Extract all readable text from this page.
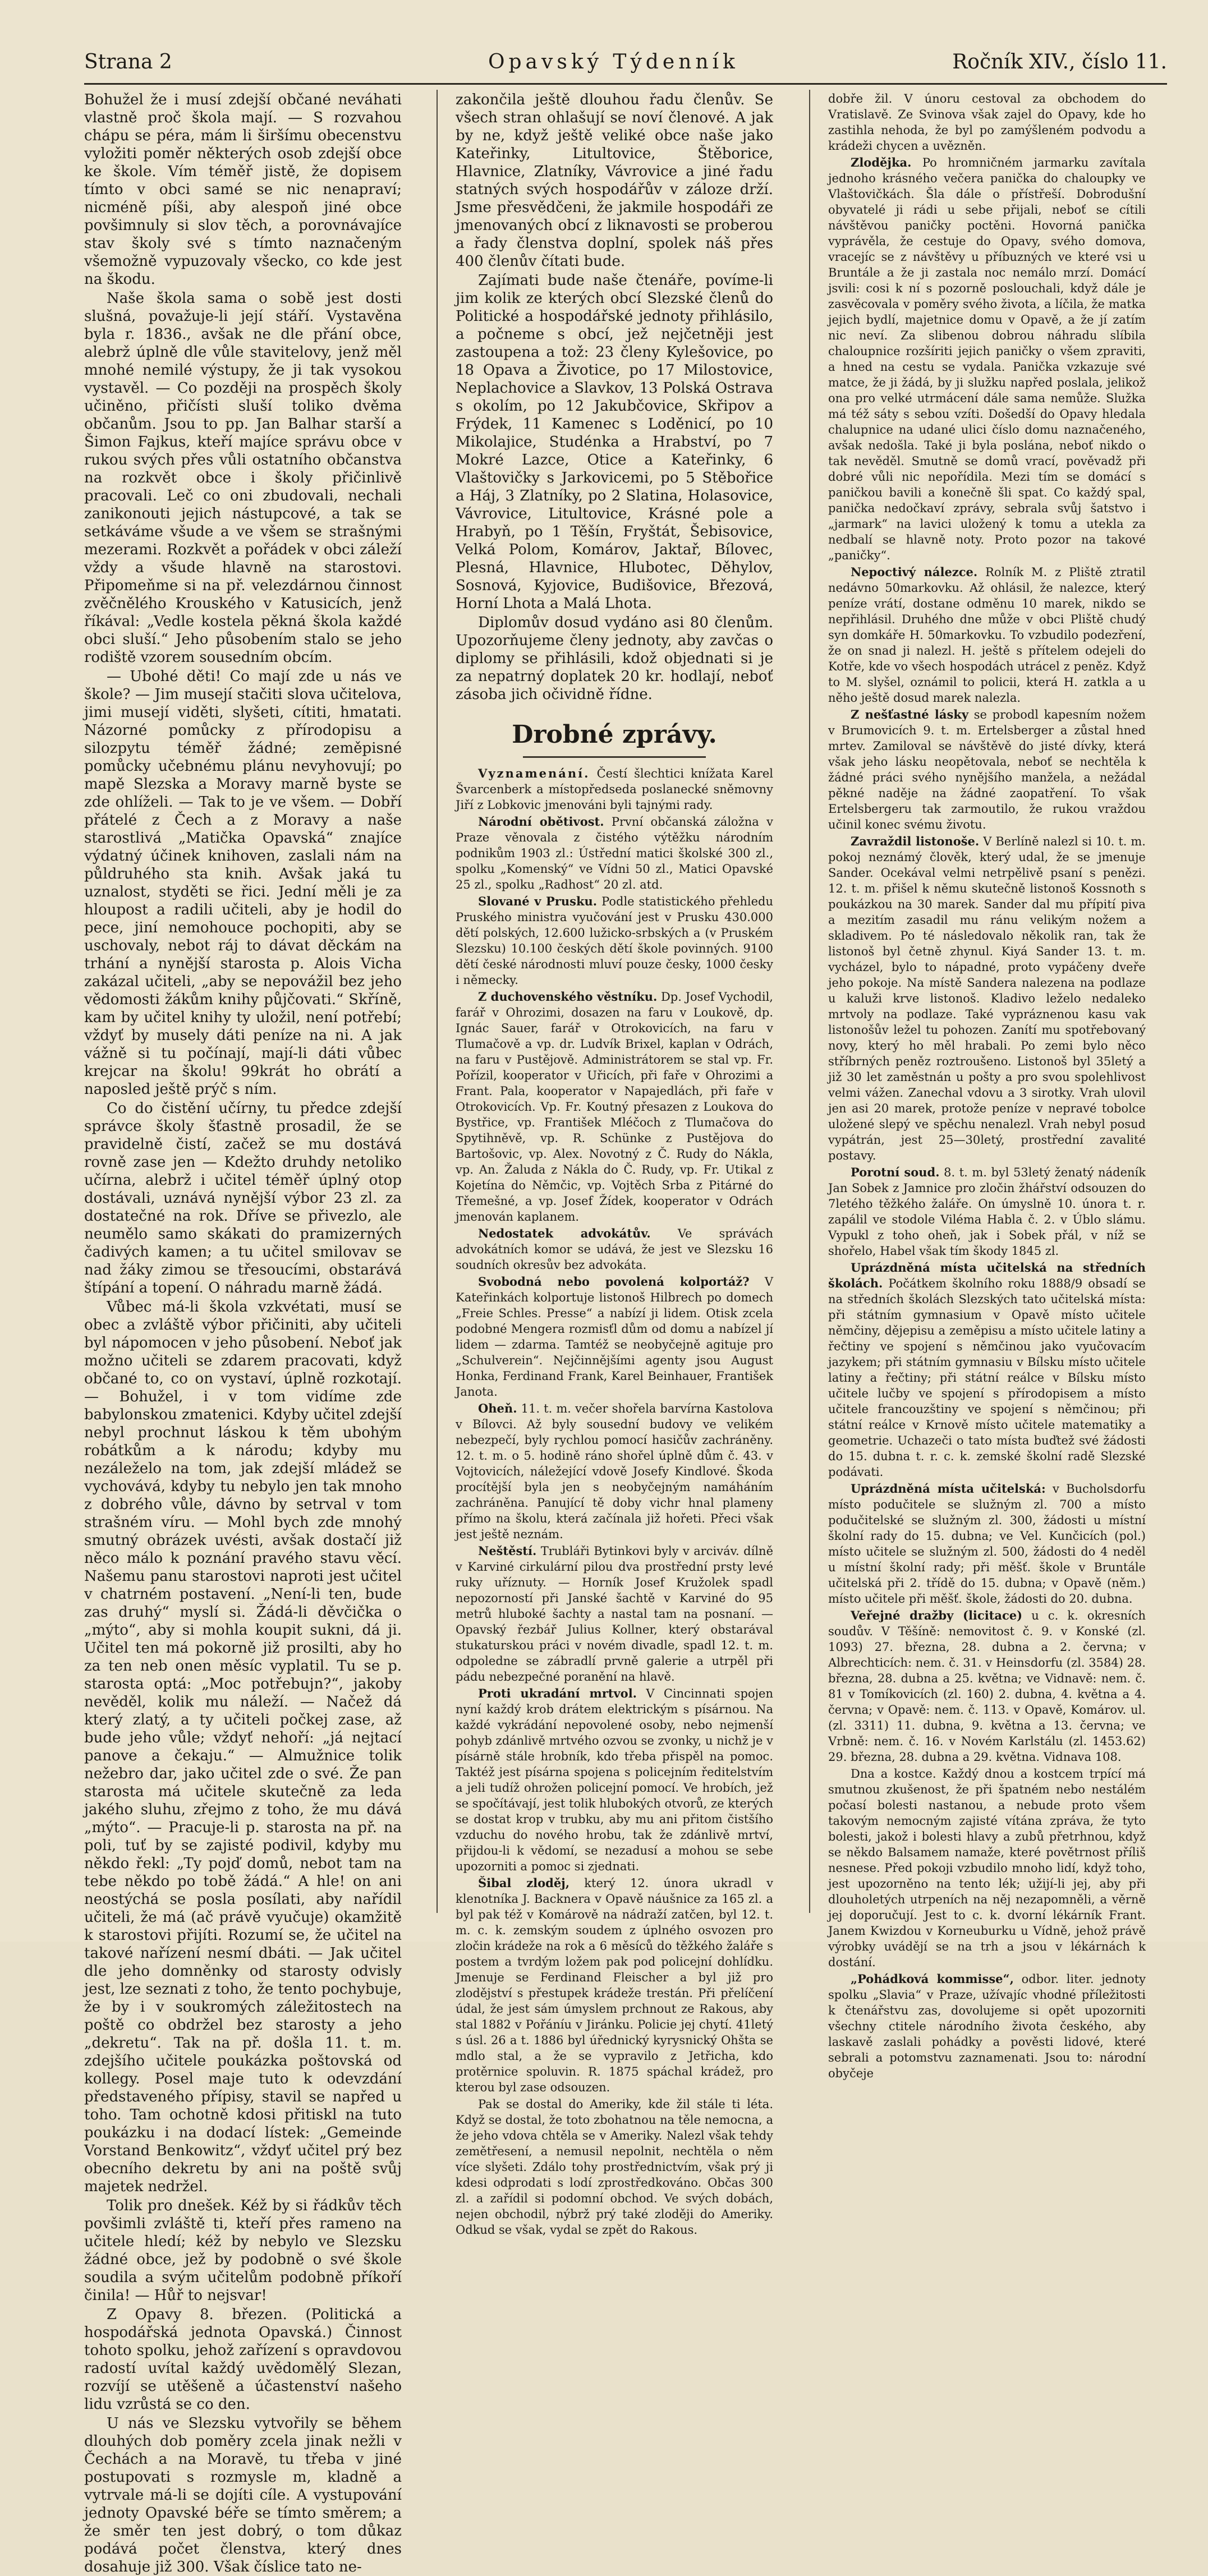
Strana 2	Opavský Týdenník	Ročník XIV., číslo 11.

Bohužel že i musí zdejší občané neváhati vlastně proč škola mají. — S rozvahou chápu se péra, mám li širšímu obecenstvu vyložiti poměr některých osob zdejší obce ke škole. Vím téměř jistě, že dopisem tímto v obci samé se nic nenapraví; nicméně píši, aby alespoň jiné obce povšimnuly si slov těch, a porovnávajíce stav školy své s tímto naznačeným všemožně vypuzovaly všecko, co kde jest na škodu.

Naše škola sama o sobě jest dosti slušná, považuje-li její stáří. Vystavěna byla r. 1836., avšak ne dle přání obce, alebrž úplně dle vůle stavitelovy, jenž měl mnohé nemilé výstupy, že ji tak vysokou vystavěl. — Co později na prospěch školy učiněno, přičísti sluší toliko dvěma občanům. Jsou to pp. Jan Balhar starší a Šimon Fajkus, kteří majíce správu obce v rukou svých přes vůli ostatního občanstva na rozkvět obce i školy přičinlivě pracovali. Leč co oni zbudovali, nechali zanikonouti jejich nástupcové, a tak se setkáváme všude a ve všem se strašnými mezerami. Rozkvět a pořádek v obci záleží vždy a všude hlavně na starostovi. Připomeňme si na př. velezdárnou činnost zvěčnělého Krouského v Katusicích, jenž říkával: „Vedle kostela pěkná škola každé obci sluší.“ Jeho působením stalo se jeho rodiště vzorem sousedním obcím.

— Ubohé děti! Co mají zde u nás ve škole? — Jim musejí stačiti slova učitelova, jimi musejí viděti, slyšeti, cítiti, hmatati. Názorné pomůcky z přírodopisu a silozpytu téměř žádné; zeměpisné pomůcky učebnému plánu nevyhovují; po mapě Slezska a Moravy marně byste se zde ohlíželi. — Tak to je ve všem. — Dobří přátelé z Čech a z Moravy a naše starostlivá „Matička Opavská“ znajíce výdatný účinek knihoven, zaslali nám na půldruhého sta knih. Avšak jaká tu uznalost, styděti se řici. Jední měli je za hloupost a radili učiteli, aby je hodil do pece, jiní nemohouce pochopiti, aby se uschovaly, nebot ráj to dávat děckám na trhání a nynější starosta p. Alois Vicha zakázal učiteli, „aby se nepovážil bez jeho vědomosti žákům knihy půjčovati.“ Skříně, kam by učitel knihy ty uložil, není potřebí; vždyť by musely dáti peníze na ni. A jak vážně si tu počínají, mají-li dáti vůbec krejcar na školu! 99krát ho obrátí a naposled ještě prýč s ním.

Co do čistění učírny, tu předce zdejší správce školy šťastně prosadil, že se pravidelně čistí, začež se mu dostává rovně zase jen — Kdežto druhdy netoliko učírna, alebrž i učitel téměř úplný otop dostávali, uznává nynější výbor 23 zl. za dostatečné na rok. Dříve se přivezlo, ale neumělo samo skákati do pramizerných čadivých kamen; a tu učitel smilovav se nad žáky zimou se třesoucími, obstarává štípání a topení. O náhradu marně žádá.

Vůbec má-li škola vzkvétati, musí se obec a zvláště výbor přičiniti, aby učiteli byl nápomocen v jeho působení. Neboť jak možno učiteli se zdarem pracovati, když občané to, co on vystaví, úplně rozkotají. — Bohužel, i v tom vidíme zde babylonskou zmatenici. Kdyby učitel zdejší nebyl prochnut láskou k těm ubohým robátkům a k národu; kdyby mu nezáleželo na tom, jak zdejší mládež se vychovává, kdyby tu nebylo jen tak mnoho z dobrého vůle, dávno by setrval v tom strašném víru. — Mohl bych zde mnohý smutný obrázek uvésti, avšak dostačí již něco málo k poznání pravého stavu věcí. Našemu panu starostovi naproti jest učitel v chatrném postavení. „Není-li ten, bude zas druhý“ myslí si. Žádá-li děvčička o „mýto“, aby si mohla koupit sukni, dá ji. Učitel ten má pokorně již prosilti, aby ho za ten neb onen měsíc vyplatil. Tu se p. starosta optá: „Moc potřebujn?“, jakoby nevěděl, kolik mu náleží. — Načež dá který zlatý, a ty učiteli počkej zase, až bude jeho vůle; vždyť nehoří: „já nejtací panove a čekaju.“ — Almužnice tolik nežebro dar, jako učitel zde o své. Že pan starosta má učitele skutečně za leda jakého sluhu, zřejmo z toho, že mu dává „mýto“. — Pracuje-li p. starosta na př. na poli, tuť by se zajisté podivil, kdyby mu někdo řekl: „Ty pojď domů, nebot tam na tebe někdo po tobě žádá.“ A hle! on ani neostýchá se posla posílati, aby nařídil učiteli, že má (ač právě vyučuje) okamžitě k starostovi přijíti. Rozumí se, že učitel na takové nařízení nesmí dbáti. — Jak učitel dle jeho domněnky od starosty odvisly jest, lze seznati z toho, že tento pochybuje, že by i v soukromých záležitostech na poště co obdržel bez starosty a jeho „dekretu“. Tak na př. došla 11. t. m. zdejšího učitele poukázka poštovská od kollegy. Posel maje tuto k odevzdání představeného přípisy, stavil se napřed u toho. Tam ochotně kdosi přitiskl na tuto poukázku i na dodací lístek: „Gemeinde Vorstand Benkowitz“, vždyť učitel prý bez obecního dekretu by ani na poště svůj majetek nedržel.

Tolik pro dnešek. Kéž by si řádkův těch povšimli zvláště ti, kteří přes rameno na učitele hledí; kéž by nebylo ve Slezsku žádné obce, jež by podobně o své škole soudila a svým učitelům podobně příkoří činila! — Hůř to nejsvar!

Z Opavy 8. březen. (Politická a hospodářská jednota Opavská.) Činnost tohoto spolku, jehož zařízení s opravdovou radostí uvítal každý uvědomělý Slezan, rozvíjí se utěšeně a účastenství našeho lidu vzrůstá se co den.

U nás ve Slezsku vytvořily se během dlouhých dob poměry zcela jinak nežli v Čechách a na Moravě, tu třeba v jiné postupovati s rozmysle m, kladně a vytrvale má-li se dojíti cíle. A vystupování jednoty Opavské béře se tímto směrem; a že směr ten jest dobrý, o tom důkaz podává počet členstva, který dnes dosahuje již 300. Však číslice tato ne-

zakončila ještě dlouhou řadu členův. Se všech stran ohlašují se noví členové. A jak by ne, když ještě veliké obce naše jako Kateřinky, Litultovice, Štěborice, Hlavnice, Zlatníky, Vávrovice a jiné řadu statných svých hospodářův v záloze drží. Jsme přesvědčeni, že jakmile hospodáři ze jmenovaných obcí z liknavosti se proberou a řady členstva doplní, spolek náš přes 400 členův čítati bude.

Zajímati bude naše čtenáře, povíme-li jim kolik ze kterých obcí Slezské členů do Politické a hospodářské jednoty přihlásilo, a počneme s obcí, jež nejčetněji jest zastoupena a tož: 23 členy Kylešovice, po 18 Opava a Životice, po 17 Milostovice, Neplachovice a Slavkov, 13 Polská Ostrava s okolím, po 12 Jakubčovice, Skřipov a Frýdek, 11 Kamenec s Loděnicí, po 10 Mikolajice, Studénka a Hrabství, po 7 Mokré Lazce, Otice a Kateřinky, 6 Vlaštovičky s Jarkovicemi, po 5 Stěbořice a Háj, 3 Zlatníky, po 2 Slatina, Holasovice, Vávrovice, Litultovice, Krásné pole a Hrabyň, po 1 Těšín, Fryštát, Šebisovice, Velká Polom, Komárov, Jaktař, Bílovec, Plesná, Hlavnice, Hlubotec, Děhylov, Sosnová, Kyjovice, Budišovice, Březová, Horní Lhota a Malá Lhota.

Diplomův dosud vydáno asi 80 členům. Upozorňujeme členy jednoty, aby zavčas o diplomy se přihlásili, kdož objednati si je za nepatrný doplatek 20 kr. hodlají, neboť zásoba jich očividně řídne.

Drobné zprávy.

Vyznamenání. Čestí šlechtici knížata Karel Švarcenberk a místopředseda poslanecké sněmovny Jiří z Lobkovic jmenováni byli tajnými rady.

Národní obětivost. První občanská záložna v Praze věnovala z čistého výtěžku národním podnikům 1903 zl.: Ústřední matici školské 300 zl., spolku „Komenský“ ve Vídni 50 zl., Matici Opavské 25 zl., spolku „Radhost“ 20 zl. atd.

Slované v Prusku. Podle statistického přehledu Pruského ministra vyučování jest v Prusku 430.000 dětí polských, 12.600 lužicko-srbských a (v Pruském Slezsku) 10.100 českých dětí škole povinných. 9100 dětí české národnosti mluví pouze česky, 1000 česky i německy.

Z duchovenského věstníku. Dp. Josef Vychodil, farář v Ohrozimi, dosazen na faru v Loukově, dp. Ignác Sauer, farář v Otrokovicích, na faru v Tlumačově a vp. dr. Ludvík Brixel, kaplan v Odrách, na faru v Pustějově. Administrátorem se stal vp. Fr. Pořízil, kooperator v Uřicích, při faře v Ohrozimi a Frant. Pala, kooperator v Napajedlách, při faře v Otrokovicích. Vp. Fr. Koutný přesazen z Loukova do Bystřice, vp. František Mléčoch z Tlumačova do Spytihněvě, vp. R. Schünke z Pustějova do Bartošovic, vp. Alex. Novotný z Č. Rudy do Nákla, vp. An. Žaluda z Nákla do Č. Rudy, vp. Fr. Utikal z Kojetína do Němčic, vp. Vojtěch Srba z Pitárné do Třemešné, a vp. Josef Žídek, kooperator v Odrách jmenován kaplanem.

Nedostatek advokátův. Ve správách advokátních komor se udává, že jest ve Slezsku 16 soudních okresův bez advokáta.

Svobodná nebo povolená kolportáž? V Kateřinkách kolportuje listonoš Hilbrech po domech „Freie Schles. Presse“ a nabízí ji lidem. Otisk zcela podobné Mengera rozmisťl dům od domu a nabízel jí lidem — zdarma. Tamtéž se neobyčejně agituje pro „Schulverein“. Nejčinnějšími agenty jsou August Honka, Ferdinand Frank, Karel Beinhauer, František Janota.

Oheň. 11. t. m. večer shořela barvírna Kastolova v Bílovci. Až byly sousední budovy ve velikém nebezpečí, byly rychlou pomocí hasičův zachráněny. 12. t. m. o 5. hodině ráno shořel úplně dům č. 43. v Vojtovicích, náležející vdově Josefy Kindlové. Škoda procítější byla jen s neobyčejným namáháním zachráněna. Panující tě doby vichr hnal plameny přímo na školu, která začínala již hořeti. Přeci však jest ještě neznám.

Neštěstí. Trubláři Bytinkovi byly v arciváv. dílně v Karviné cirkulární pilou dva prostřední prsty levé ruky uříznuty. — Horník Josef Kružolek spadl nepozorností při Janské šachtě v Karviné do 95 metrů hluboké šachty a nastal tam na posnaní. — Opavský řezbář Julius Kollner, který obstarával stukaturskou práci v novém divadle, spadl 12. t. m. odpoledne se zábradlí prvně galerie a utrpěl při pádu nebezpečné poranění na hlavě.

Proti ukradání mrtvol. V Cincinnati spojen nyní každý krob drátem elektrickým s písárnou. Na každé vykrádání nepovolené osoby, nebo nejmenší pohyb zdánlivě mrtvého ozvou se zvonky, u nichž je v písárně stále hrobník, kdo třeba přispěl na pomoc. Taktéž jest písárna spojena s policejním ředitelstvím a jeli tudíž ohrožen policejní pomocí. Ve hrobích, jež se spočítávají, jest tolik hlubokých otvorů, ze kterých se dostat krop v trubku, aby mu ani přitom čistšího vzduchu do nového hrobu, tak že zdánlivě mrtví, přijdou-li k vědomí, se nezadusí a mohou se sebe upozorniti a pomoc si zjednati.

Šibal zloděj, který 12. února ukradl v klenotníka J. Backnera v Opavě náušnice za 165 zl. a byl pak též v Komárově na nádraží zatčen, byl 12. t. m. c. k. zemským soudem z úplného osvozen pro zločin krádeže na rok a 6 měsíců do těžkého žaláře s postem a tvrdým ložem pak pod policejní dohlídku. Jmenuje se Ferdinand Fleischer a byl již pro zlodějství s přestupek krádeže trestán. Při přelíčení údal, že jest sám úmyslem prchnout ze Rakous, aby stal 1882 v Pořáníu v Jiránku. Policie jej chytí. 41letý s úsl. 26 a t. 1886 byl úřednický kyrysnický Ohšta se mdlo stal, a že se vypravilo z Jetřicha, kdo protěrnice spoluvin. R. 1875 spáchal krádež, pro kterou byl zase odsouzen.

Pak se dostal do Ameriky, kde žil stále ti léta. Když se dostal, že toto zbohatnou na těle nemocna, a že jeho vdova chtěla se v Ameriky. Nalezl však tehdy zemětřesení, a nemusil nepolnit, nechtěla o něm více slyšeti. Zdálo tohy prostřednictvím, však prý ji kdesi odprodati s lodí zprostředkováno. Občas 300 zl. a zařídil si podomní obchod. Ve svých dobách, nejen obchodil, nýbrž prý také zloději do Ameriky. Odkud se však, vydal se zpět do Rakous.

dobře žil. V únoru cestoval za obchodem do Vratislavě. Ze Svinova však zajel do Opavy, kde ho zastihla nehoda, že byl po zamýšleném podvodu a krádeži chycen a uvězněn.

Zlodějka. Po hromničném jarmarku zavítala jednoho krásného večera panička do chaloupky ve Vlaštovičkách. Šla dále o přístřeší. Dobrodušní obyvatelé ji rádi u sebe přijali, neboť se cítili návštěvou paničky poctěni. Hovorná panička vyprávěla, že cestuje do Opavy, svého domova, vracejíc se z návštěvy u příbuzných ve které vsi u Bruntále a že ji zastala noc nemálo mrzí. Domácí jsvili: cosi k ní s pozorně poslouchali, když dále je zasvěcovala v poměry svého života, a líčila, že matka jejich bydlí, majetnice domu v Opavě, a že jí zatím nic neví. Za slibenou dobrou náhradu slíbila chaloupnice rozšíriti jejich paničky o všem zpraviti, a hned na cestu se vydala. Panička vzkazuje své matce, že ji žádá, by ji služku napřed poslala, jelikož ona pro velké utrmácení dále sama nemůže. Služka má též sáty s sebou vzíti. Došedší do Opavy hledala chalupnice na udané ulici číslo domu naznačeného, avšak nedošla. Také ji byla poslána, neboť nikdo o tak nevěděl. Smutně se domů vrací, pověvadž při dobré vůli nic nepořídila. Mezi tím se domácí s paničkou bavili a konečně šli spat. Co každý spal, panička nedočkaví zprávy, sebrala svůj šatstvo i „jarmark“ na lavici uložený k tomu a utekla za nedbalí se hlavně noty. Proto pozor na takové „paničky“.

Nepoctivý nálezce. Rolník M. z Pliště ztratil nedávno 50markovku. Až ohlásil, že nalezce, který peníze vrátí, dostane odměnu 10 marek, nikdo se nepřihlásil. Druhého dne může v obci Pliště chudý syn domkáře H. 50markovku. To vzbudilo podezření, že on snad ji nalezl. H. ještě s přítelem odejeli do Kotře, kde vo všech hospodách utrácel z peněz. Když to M. slyšel, oznámil to policii, která H. zatkla a u něho ještě dosud marek nalezla.

Z nešťastné lásky se probodl kapesním nožem v Brumovicích 9. t. m. Ertelsberger a zůstal hned mrtev. Zamiloval se návštěvě do jisté dívky, která však jeho lásku neopětovala, neboť se nechtěla k žádné práci svého nynějšího manžela, a nežádal pěkné naděje na žádné zaopatření. To však Ertelsbergeru tak zarmoutilo, že rukou vraždou učinil konec svému životu.

Zavraždil listonoše. V Berlíně nalezl si 10. t. m. pokoj neznámý člověk, který udal, že se jmenuje Sander. Ocekával velmi netrpělivě psaní s penězi. 12. t. m. přišel k němu skutečně listonoš Kossnoth s poukázkou na 30 marek. Sander dal mu přípití piva a mezitím zasadil mu ránu velikým nožem a skladivem. Po té následovalo několik ran, tak že listonoš byl četně zhynul. Kiyá Sander 13. t. m. vycházel, bylo to nápadné, proto vypáčeny dveře jeho pokoje. Na místě Sandera nalezena na podlaze u kaluži krve listonoš. Kladivo leželo nedaleko mrtvoly na podlaze. Také vypráznenou kasu vak listonošův ležel tu pohozen. Zanítí mu spotřebovaný novy, který ho měl hrabali. Po zemi bylo něco stříbrných peněz roztroušeno. Listonoš byl 35letý a již 30 let zaměstnán u pošty a pro svou spolehlivost velmi vážen. Zanechal vdovu a 3 sirotky. Vrah ulovil jen asi 20 marek, protože peníze v nepravé tobolce uložené slepý ve spěchu nenalezl. Vrah nebyl posud vypátrán, jest 25—30letý, prostřední zavalité postavy.

Porotní soud. 8. t. m. byl 53letý ženatý nádeník Jan Sobek z Jamnice pro zločin žhářství odsouzen do 7letého těžkého žaláře. On úmyslně 10. února t. r. zapálil ve stodole Viléma Habla č. 2. v Úblo slámu. Vypukl z toho oheň, jak i Sobek přál, v níž se shořelo, Habel však tím škody 1845 zl.

Uprázdněná místa učitelská na středních školách. Počátkem školního roku 1888/9 obsadí se na středních školách Slezských tato učitelská místa: při státním gymnasium v Opavě místo učitele němčiny, dějepisu a zeměpisu a místo učitele latiny a řečtiny ve spojení s němčinou jako vyučovacím jazykem; při státním gymnasiu v Bílsku místo učitele latiny a řečtiny; při státní reálce v Bílsku místo učitele lučby ve spojení s přírodopisem a místo učitele francouzštiny ve spojení s němčinou; při státní reálce v Krnově místo učitele matematiky a geometrie. Uchazeči o tato místa buďtež své žádosti do 15. dubna t. r. c. k. zemské školní radě Slezské podávati.

Uprázdněná místa učitelská: v Bucholsdorfu místo podučitele se služným zl. 700 a místo podučitelské se služným zl. 300, žádosti u místní školní rady do 15. dubna; ve Vel. Kunčicích (pol.) místo učitele se služným zl. 500, žádosti do 4 neděl u místní školní rady; při měšť. škole v Bruntále učitelská při 2. třídě do 15. dubna; v Opavě (něm.) místo učitele při měšť. škole, žádosti do 20. dubna.

Veřejné dražby (licitace) u c. k. okresních soudův. V Těšíně: nemovitost č. 9. v Konské (zl. 1093) 27. března, 28. dubna a 2. června; v Albrechticích: nem. č. 31. v Heinsdorfu (zl. 3584) 28. března, 28. dubna a 25. května; ve Vidnavě: nem. č. 81 v Tomíkovicích (zl. 160) 2. dubna, 4. května a 4. června; v Opavě: nem. č. 113. v Opavě, Komárov. ul. (zl. 3311) 11. dubna, 9. května a 13. června; ve Vrbně: nem. č. 16. v Novém Karlstálu (zl. 1453.62) 29. března, 28. dubna a 29. května. Vidnava 108.

Dna a kostce. Každý dnou a kostcem trpící má smutnou zkušenost, že při špatném nebo nestálém počasí bolesti nastanou, a nebude proto všem takovým nemocným zajisté vítána zpráva, že tyto bolesti, jakož i bolesti hlavy a zubů přetrhnou, když se někdo Balsamem namaže, které povětrnost příliš nesnese. Před pokoji vzbudilo mnoho lidí, když toho, jest upozorněno na tento lék; užijí-li jej, aby při dlouholetých utrpeních na něj nezapomněli, a věrně jej doporučují. Jest to c. k. dvorní lékárník Frant. Janem Kwizdou v Korneuburku u Vídně, jehož právě výrobky uvádějí se na trh a jsou v lékárnách k dostání.

„Pohádková kommisse“, odbor. liter. jednoty spolku „Slavia“ v Praze, užívajíc vhodné příležitosti k čtenářstvu zas, dovolujeme si opět upozorniti všechny ctitele národního života českého, aby laskavě zaslali pohádky a pověsti lidové, které sebrali a potomstvu zaznamenati. Jsou to: národní obyčeje
